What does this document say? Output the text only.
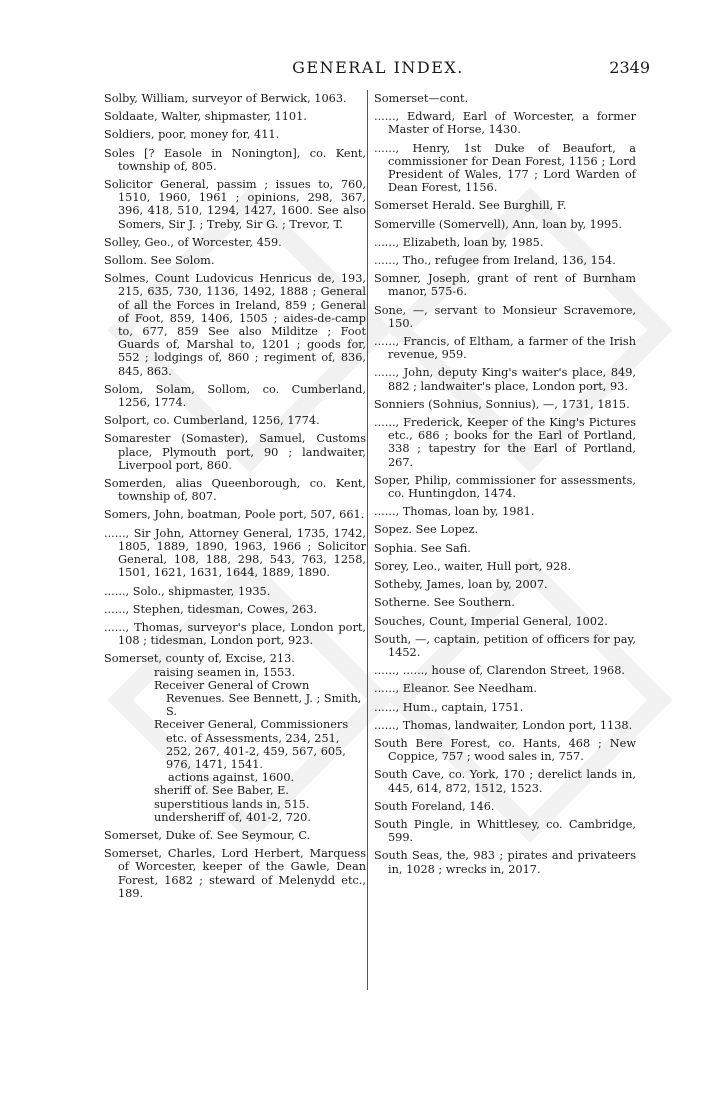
GENERAL INDEX.	2349

Solby, William, surveyor of Berwick, 1063.

Soldaate, Walter, shipmaster, 1101.

Soldiers, poor, money for, 411.

Soles [? Easole in Nonington], co. Kent, township of, 805.

Solicitor General, passim ; issues to, 760, 1510, 1960, 1961 ; opinions, 298, 367, 396, 418, 510, 1294, 1427, 1600. See also Somers, Sir J. ; Treby, Sir G. ; Trevor, T.

Solley, Geo., of Worcester, 459.

Sollom. See Solom.

Solmes, Count Ludovicus Henricus de, 193, 215, 635, 730, 1136, 1492, 1888 ; General of all the Forces in Ireland, 859 ; General of Foot, 859, 1406, 1505 ; aides-de-camp to, 677, 859 See also Milditze ; Foot Guards of, Marshal to, 1201 ; goods for, 552 ; lodgings of, 860 ; regiment of, 836, 845, 863.

Solom, Solam, Sollom, co. Cumberland, 1256, 1774.

Solport, co. Cumberland, 1256, 1774.

Somarester (Somaster), Samuel, Customs place, Plymouth port, 90 ; landwaiter, Liverpool port, 860.

Somerden, alias Queenborough, co. Kent, township of, 807.

Somers, John, boatman, Poole port, 507, 661.

......, Sir John, Attorney General, 1735, 1742, 1805, 1889, 1890, 1963, 1966 ; Solicitor General, 108, 188, 298, 543, 763, 1258, 1501, 1621, 1631, 1644, 1889, 1890.

......, Solo., shipmaster, 1935.

......, Stephen, tidesman, Cowes, 263.

......, Thomas, surveyor's place, London port, 108 ; tidesman, London port, 923.

Somerset, county of, Excise, 213.

raising seamen in, 1553.

Receiver General of Crown Revenues. See Bennett, J. ; Smith, S.

Receiver General, Commissioners etc. of Assessments, 234, 251, 252, 267, 401-2, 459, 567, 605, 976, 1471, 1541.

actions against, 1600.

sheriff of. See Baber, E.

superstitious lands in, 515.

undersheriff of, 401-2, 720.

Somerset, Duke of. See Seymour, C.

Somerset, Charles, Lord Herbert, Marquess of Worcester, keeper of the Gawle, Dean Forest, 1682 ; steward of Melenydd etc., 189.

Somerset—cont.

......, Edward, Earl of Worcester, a former Master of Horse, 1430.

......, Henry, 1st Duke of Beaufort, a commissioner for Dean Forest, 1156 ; Lord President of Wales, 177 ; Lord Warden of Dean Forest, 1156.

Somerset Herald. See Burghill, F.

Somerville (Somervell), Ann, loan by, 1995.

......, Elizabeth, loan by, 1985.

......, Tho., refugee from Ireland, 136, 154.

Somner, Joseph, grant of rent of Burnham manor, 575-6.

Sone, —, servant to Monsieur Scravemore, 150.

......, Francis, of Eltham, a farmer of the Irish revenue, 959.

......, John, deputy King's waiter's place, 849, 882 ; landwaiter's place, London port, 93.

Sonniers (Sohnius, Sonnius), —, 1731, 1815.

......, Frederick, Keeper of the King's Pictures etc., 686 ; books for the Earl of Portland, 338 ; tapestry for the Earl of Portland, 267.

Soper, Philip, commissioner for assessments, co. Huntingdon, 1474.

......, Thomas, loan by, 1981.

Sopez. See Lopez.

Sophia. See Safi.

Sorey, Leo., waiter, Hull port, 928.

Sotheby, James, loan by, 2007.

Sotherne. See Southern.

Souches, Count, Imperial General, 1002.

South, —, captain, petition of officers for pay, 1452.

......, ......, house of, Clarendon Street, 1968.

......, Eleanor. See Needham.

......, Hum., captain, 1751.

......, Thomas, landwaiter, London port, 1138.

South Bere Forest, co. Hants, 468 ; New Coppice, 757 ; wood sales in, 757.

South Cave, co. York, 170 ; derelict lands in, 445, 614, 872, 1512, 1523.

South Foreland, 146.

South Pingle, in Whittlesey, co. Cambridge, 599.

South Seas, the, 983 ; pirates and privateers in, 1028 ; wrecks in, 2017.
